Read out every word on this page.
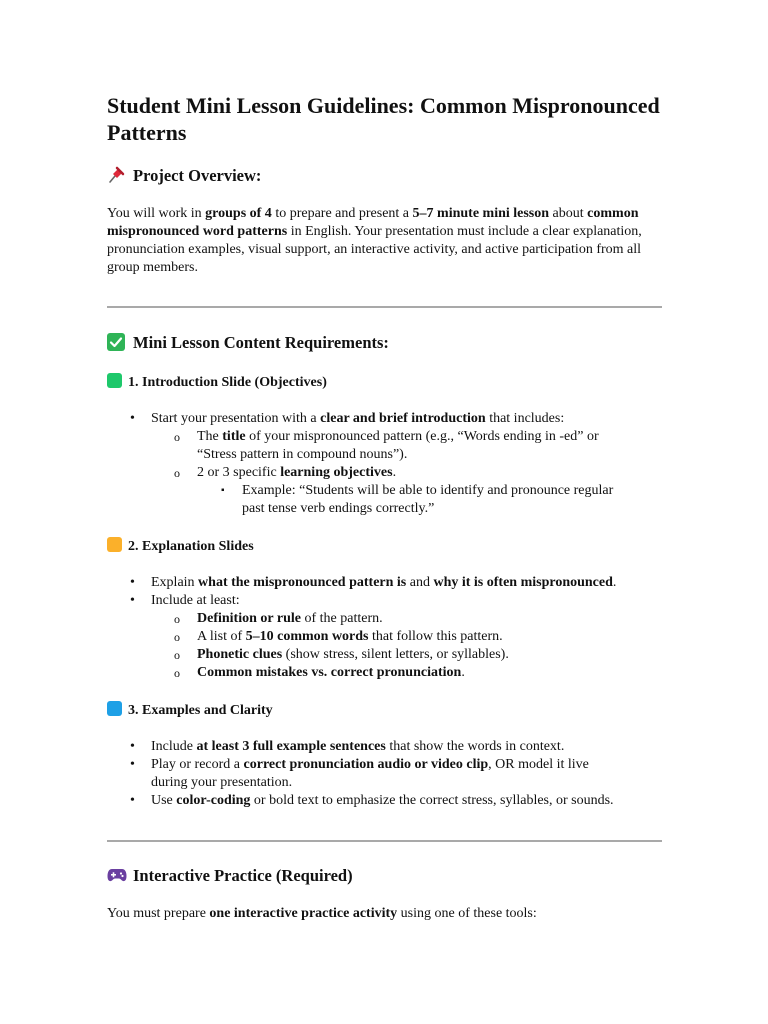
Student Mini Lesson Guidelines: Common Mispronounced Patterns
Project Overview:

You will work in groups of 4 to prepare and present a 5–7 minute mini lesson about common mispronounced word patterns in English. Your presentation must include a clear explanation, pronunciation examples, visual support, an interactive activity, and active participation from all group members.

Mini Lesson Content Requirements:
1. Introduction Slide (Objectives)
• Start your presentation with a clear and brief introduction that includes:
o The title of your mispronounced pattern (e.g., “Words ending in -ed” or
“Stress pattern in compound nouns”).
o 2 or 3 specific learning objectives.
▪ Example: “Students will be able to identify and pronounce regular
past tense verb endings correctly.”
2. Explanation Slides
• Explain what the mispronounced pattern is and why it is often mispronounced.
• Include at least:
o Definition or rule of the pattern.
o A list of 5–10 common words that follow this pattern.
o Phonetic clues (show stress, silent letters, or syllables).
o Common mistakes vs. correct pronunciation.
3. Examples and Clarity
• Include at least 3 full example sentences that show the words in context.
• Play or record a correct pronunciation audio or video clip, OR model it live
during your presentation.
• Use color-coding or bold text to emphasize the correct stress, syllables, or sounds.
Interactive Practice (Required)
You must prepare one interactive practice activity using one of these tools:
